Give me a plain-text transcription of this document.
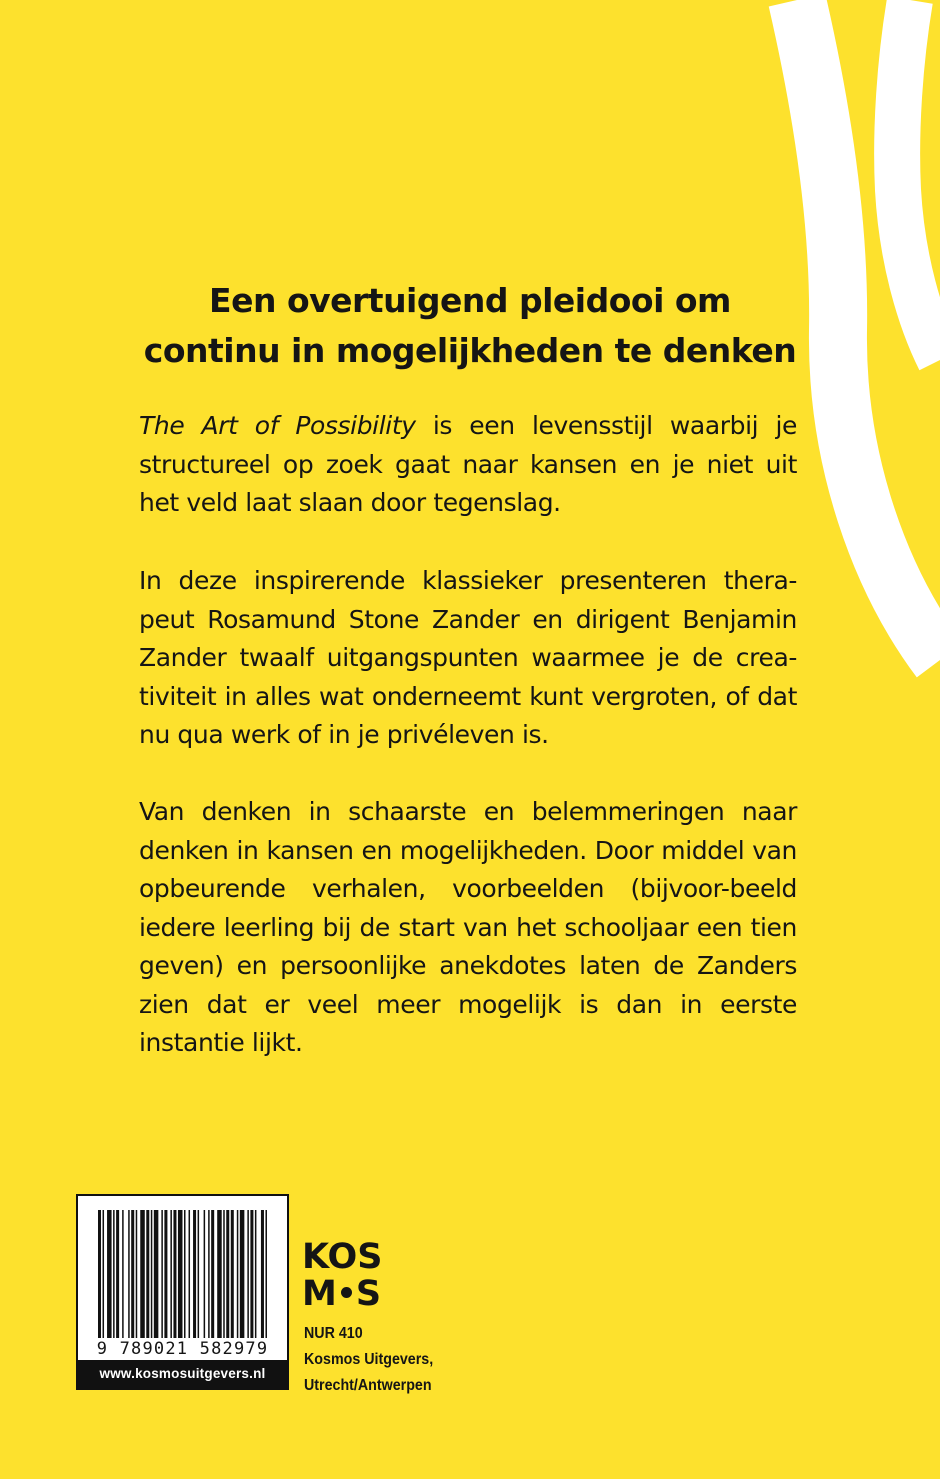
Een overtuigend pleidooi om
continu in mogelijkheden te denken

The Art of Possibility is een levensstijl waarbij je structureel op zoek gaat naar kansen en je niet uit het veld laat slaan door tegenslag.

In deze inspirerende klassieker presenteren thera-peut Rosamund Stone Zander en dirigent Benjamin Zander twaalf uitgangspunten waarmee je de crea-tiviteit in alles wat onderneemt kunt vergroten, of dat nu qua werk of in je privéleven is.

Van denken in schaarste en belemmeringen naar denken in kansen en mogelijkheden. Door middel van opbeurende verhalen, voorbeelden (bijvoor-beeld iedere leerling bij de start van het schooljaar een tien geven) en persoonlijke anekdotes laten de Zanders zien dat er veel meer mogelijk is dan in eerste instantie lijkt.

9 789021 582979
www.kosmosuitgevers.nl
KOS
M S
NUR 410
Kosmos Uitgevers,
Utrecht/Antwerpen
